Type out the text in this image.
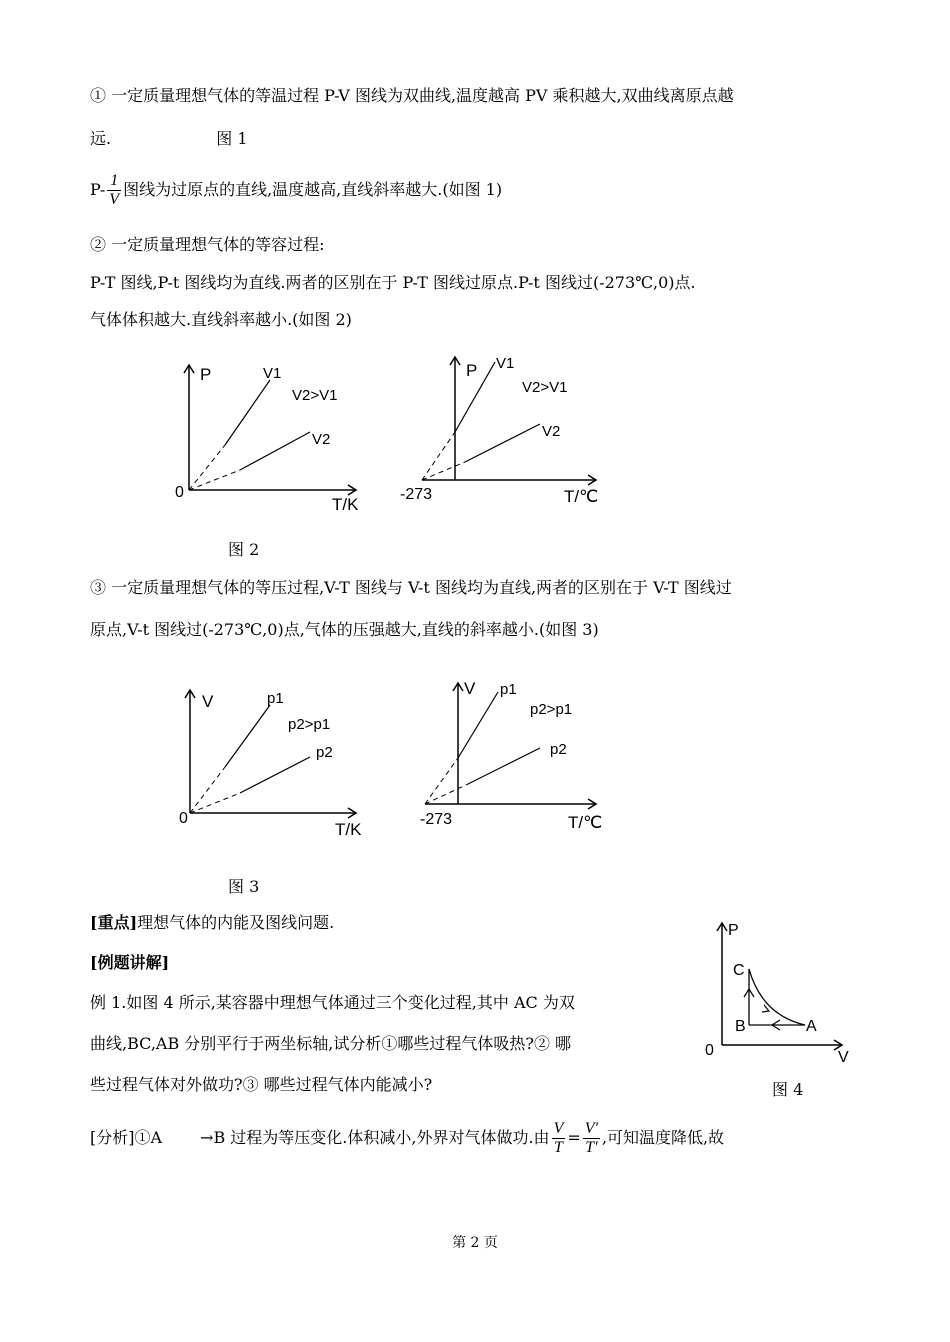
① 一定质量理想气体的等温过程 P-V 图线为双曲线,温度越高 PV 乘积越大,双曲线离原点越
远.	图 1
$P- \frac{1}{V}$ 图线为过原点的直线,温度越高,直线斜率越大.(如图 1)
② 一定质量理想气体的等容过程:
P-T 图线,P-t 图线均为直线.两者的区别在于 P-T 图线过原点.P-t 图线过(-273℃,0)点.
气体体积越大.直线斜率越小.(如图 2)
P
0
T/K
V1
V2
V2>V1
P
-273	T/℃
V1
V2
V2>V1
图 2
③ 一定质量理想气体的等压过程,V-T 图线与 V-t 图线均为直线,两者的区别在于 V-T 图线过
原点,V-t 图线过(-273℃,0)点,气体的压强越大,直线的斜率越小.(如图 3)
V
0
T/K
p1
p2
p2>p1
V
-273	T/℃
p1
p2
p2>p1
图 3
[重点]理想气体的内能及图线问题.
[例题讲解]
例 1.如图 4 所示,某容器中理想气体通过三个变化过程,其中 AC 为双
曲线,BC,AB 分别平行于两坐标轴,试分析①哪些过程气体吸热?② 哪
些过程气体对外做功?③ 哪些过程气体内能减小?
P
V
0
C
B	A
图 4
[分析]①A →B 过程为等压变化.体积减小,外界对气体做功.由 $\frac{V}{T} = \frac{V'}{T'}$ ,可知温度降低,故
第 2 页
